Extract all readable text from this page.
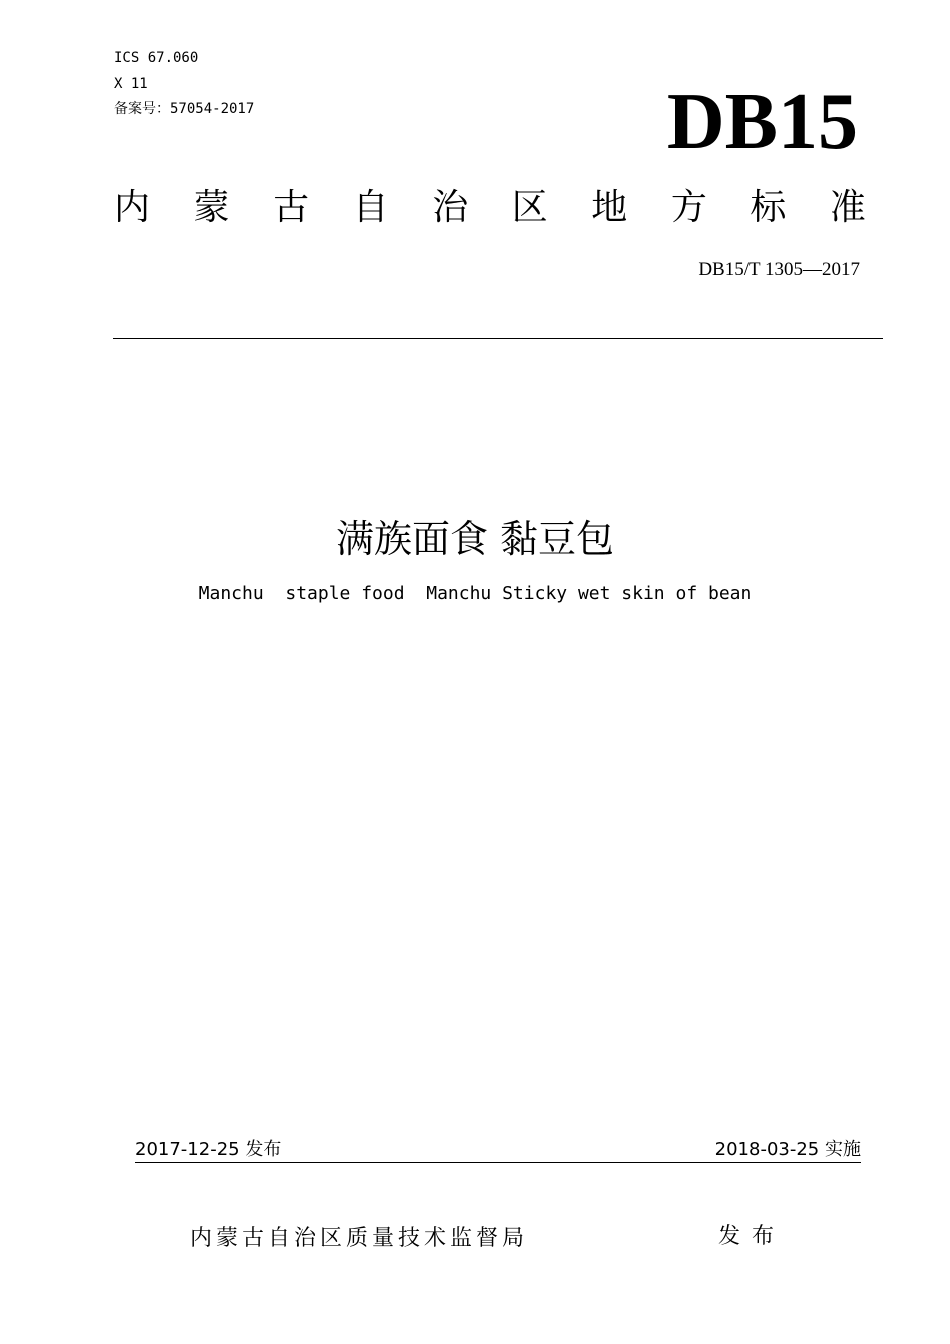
ICS 67.060
X 11
备案号：57054-2017	DB15
内 蒙 古 自 治 区 地 方 标 准
DB15/T 1305—2017
满族面食 黏豆包
Manchu  staple food  Manchu Sticky wet skin of bean
2017-12-25 发布	2018-03-25 实施
内蒙古自治区质量技术监督局	发布
